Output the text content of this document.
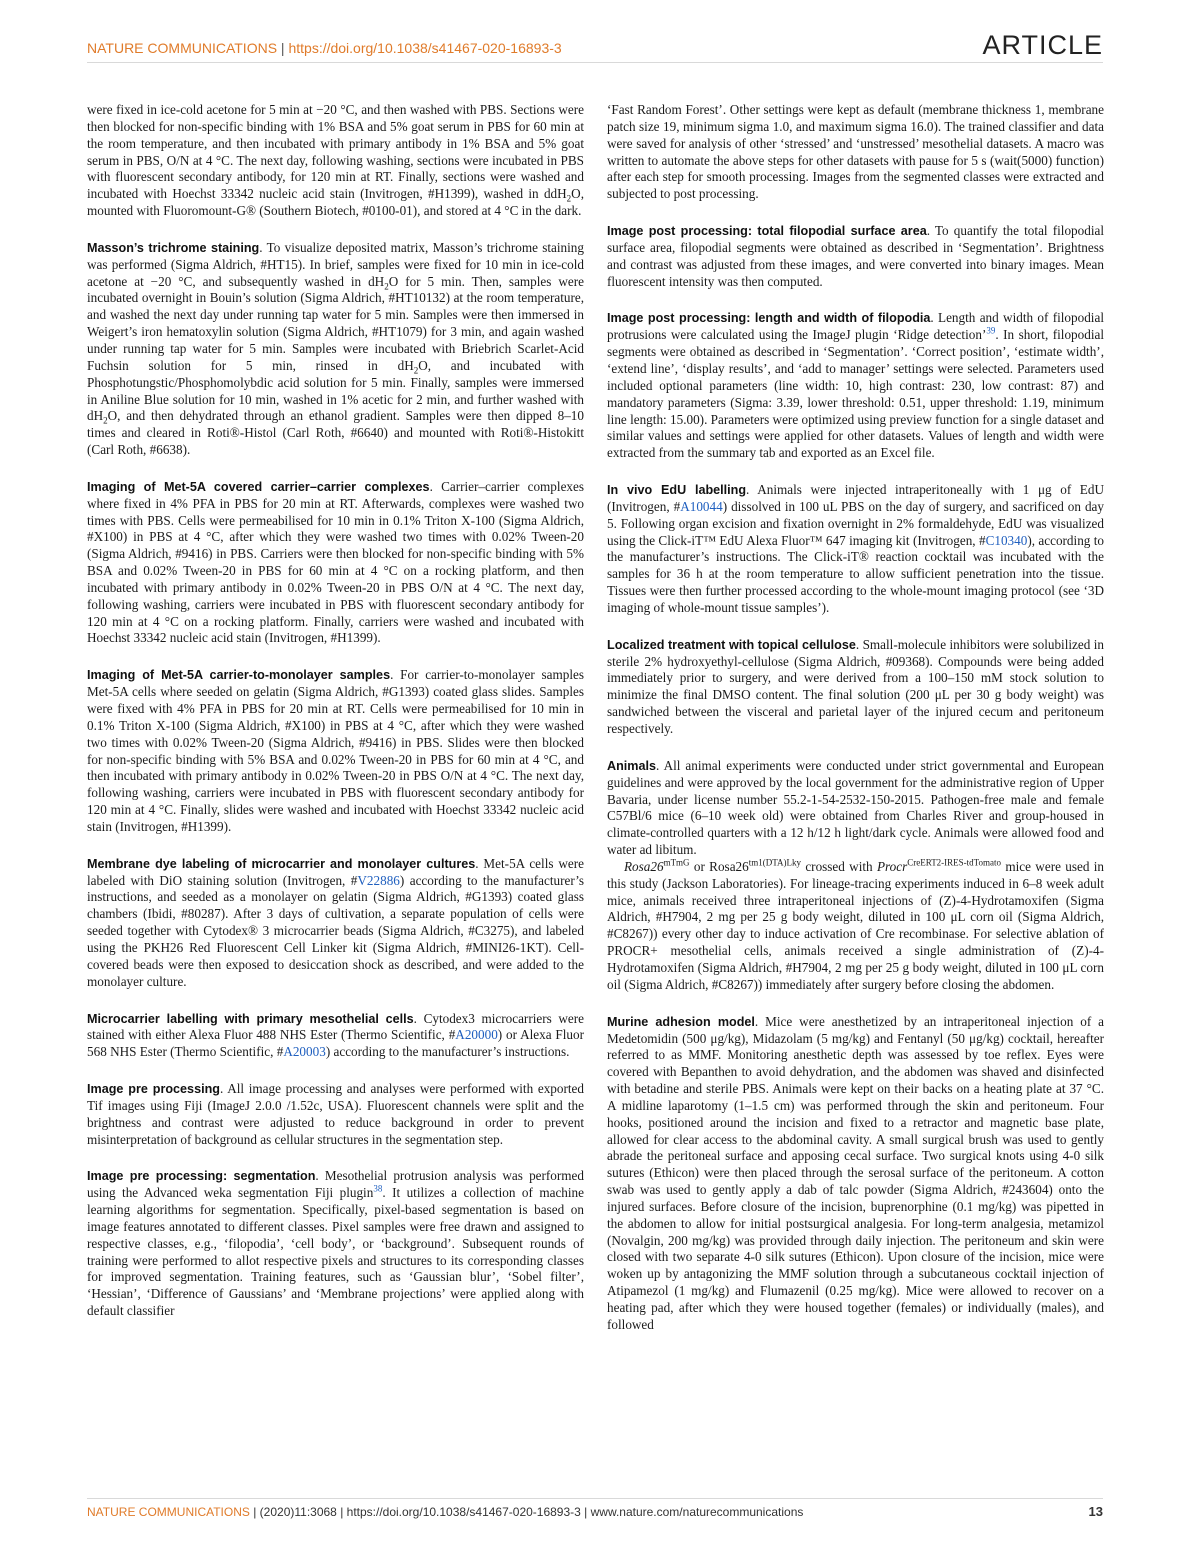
NATURE COMMUNICATIONS | https://doi.org/10.1038/s41467-020-16893-3	ARTICLE

were fixed in ice-cold acetone for 5 min at −20 °C, and then washed with PBS. Sections were then blocked for non-specific binding with 1% BSA and 5% goat serum in PBS for 60 min at the room temperature, and then incubated with primary antibody in 1% BSA and 5% goat serum in PBS, O/N at 4 °C. The next day, following washing, sections were incubated in PBS with fluorescent secondary antibody, for 120 min at RT. Finally, sections were washed and incubated with Hoechst 33342 nucleic acid stain (Invitrogen, #H1399), washed in ddH$_2$O, mounted with Fluoromount-G® (Southern Biotech, #0100-01), and stored at 4 °C in the dark.

Masson’s trichrome staining. To visualize deposited matrix, Masson’s trichrome staining was performed (Sigma Aldrich, #HT15). In brief, samples were fixed for 10 min in ice-cold acetone at −20 °C, and subsequently washed in $dH_2O$ for 5 min. Then, samples were incubated overnight in Bouin’s solution (Sigma Aldrich, #HT10132) at the room temperature, and washed the next day under running tap water for 5 min. Samples were then immersed in Weigert’s iron hematoxylin solution (Sigma Aldrich, #HT1079) for 3 min, and again washed under running tap water for 5 min. Samples were incubated with Briebrich Scarlet-Acid Fuchsin solution for 5 min, rinsed in $dH_2O$, and incubated with Phosphotungstic/Phosphomolybdic acid solution for 5 min. Finally, samples were immersed in Aniline Blue solution for 10 min, washed in 1% acetic for 2 min, and further washed with $dH_2O$, and then dehydrated through an ethanol gradient. Samples were then dipped 8–10 times and cleared in Roti®-Histol (Carl Roth, #6640) and mounted with Roti®-Histokitt (Carl Roth, #6638).

Imaging of Met-5A covered carrier–carrier complexes. Carrier–carrier complexes where fixed in 4% PFA in PBS for 20 min at RT. Afterwards, complexes were washed two times with PBS. Cells were permeabilised for 10 min in 0.1% Triton X-100 (Sigma Aldrich, #X100) in PBS at 4 °C, after which they were washed two times with 0.02% Tween-20 (Sigma Aldrich, #9416) in PBS. Carriers were then blocked for non-specific binding with 5% BSA and 0.02% Tween-20 in PBS for 60 min at 4 °C on a rocking platform, and then incubated with primary antibody in 0.02% Tween-20 in PBS O/N at 4 °C. The next day, following washing, carriers were incubated in PBS with fluorescent secondary antibody for 120 min at 4 °C on a rocking platform. Finally, carriers were washed and incubated with Hoechst 33342 nucleic acid stain (Invitrogen, #H1399).

Imaging of Met-5A carrier-to-monolayer samples. For carrier-to-monolayer samples Met-5A cells where seeded on gelatin (Sigma Aldrich, #G1393) coated glass slides. Samples were fixed with 4% PFA in PBS for 20 min at RT. Cells were permeabilised for 10 min in 0.1% Triton X-100 (Sigma Aldrich, #X100) in PBS at 4 °C, after which they were washed two times with 0.02% Tween-20 (Sigma Aldrich, #9416) in PBS. Slides were then blocked for non-specific binding with 5% BSA and 0.02% Tween-20 in PBS for 60 min at 4 °C, and then incubated with primary antibody in 0.02% Tween-20 in PBS O/N at 4 °C. The next day, following washing, carriers were incubated in PBS with fluorescent secondary antibody for 120 min at 4 °C. Finally, slides were washed and incubated with Hoechst 33342 nucleic acid stain (Invitrogen, #H1399).

Membrane dye labeling of microcarrier and monolayer cultures. Met-5A cells were labeled with DiO staining solution (Invitrogen, #V22886) according to the manufacturer’s instructions, and seeded as a monolayer on gelatin (Sigma Aldrich, #G1393) coated glass chambers (Ibidi, #80287). After 3 days of cultivation, a separate population of cells were seeded together with Cytodex® 3 microcarrier beads (Sigma Aldrich, #C3275), and labeled using the PKH26 Red Fluorescent Cell Linker kit (Sigma Aldrich, #MINI26-1KT). Cell-covered beads were then exposed to desiccation shock as described, and were added to the monolayer culture.

Microcarrier labelling with primary mesothelial cells. Cytodex3 microcarriers were stained with either Alexa Fluor 488 NHS Ester (Thermo Scientific, #A20000) or Alexa Fluor 568 NHS Ester (Thermo Scientific, #A20003) according to the manufacturer’s instructions.

Image pre processing. All image processing and analyses were performed with exported Tif images using Fiji (ImageJ 2.0.0 /1.52c, USA). Fluorescent channels were split and the brightness and contrast were adjusted to reduce background in order to prevent misinterpretation of background as cellular structures in the segmentation step.

Image pre processing: segmentation. Mesothelial protrusion analysis was performed using the Advanced weka segmentation Fiji plugin$^{38}$. It utilizes a collection of machine learning algorithms for segmentation. Specifically, pixel-based segmentation is based on image features annotated to different classes. Pixel samples were free drawn and assigned to respective classes, e.g., ‘filopodia’, ‘cell body’, or ‘background’. Subsequent rounds of training were performed to allot respective pixels and structures to its corresponding classes for improved segmentation. Training features, such as ‘Gaussian blur’, ‘Sobel filter’, ‘Hessian’, ‘Difference of Gaussians’ and ‘Membrane projections’ were applied along with default classifier

‘Fast Random Forest’. Other settings were kept as default (membrane thickness 1, membrane patch size 19, minimum sigma 1.0, and maximum sigma 16.0). The trained classifier and data were saved for analysis of other ‘stressed’ and ‘unstressed’ mesothelial datasets. A macro was written to automate the above steps for other datasets with pause for 5 s (wait(5000) function) after each step for smooth processing. Images from the segmented classes were extracted and subjected to post processing.

Image post processing: total filopodial surface area. To quantify the total filopodial surface area, filopodial segments were obtained as described in ‘Segmentation’. Brightness and contrast was adjusted from these images, and were converted into binary images. Mean fluorescent intensity was then computed.

Image post processing: length and width of filopodia. Length and width of filopodial protrusions were calculated using the ImageJ plugin ‘Ridge detection’$^{39}$. In short, filopodial segments were obtained as described in ‘Segmentation’. ‘Correct position’, ‘estimate width’, ‘extend line’, ‘display results’, and ‘add to manager’ settings were selected. Parameters used included optional parameters (line width: 10, high contrast: 230, low contrast: 87) and mandatory parameters (Sigma: 3.39, lower threshold: 0.51, upper threshold: 1.19, minimum line length: 15.00). Parameters were optimized using preview function for a single dataset and similar values and settings were applied for other datasets. Values of length and width were extracted from the summary tab and exported as an Excel file.

In vivo EdU labelling. Animals were injected intraperitoneally with 1 μg of EdU (Invitrogen, #A10044) dissolved in 100 uL PBS on the day of surgery, and sacrificed on day 5. Following organ excision and fixation overnight in 2% formaldehyde, EdU was visualized using the Click-iT™ EdU Alexa Fluor™ 647 imaging kit (Invitrogen, #C10340), according to the manufacturer’s instructions. The Click-iT® reaction cocktail was incubated with the samples for 36 h at the room temperature to allow sufficient penetration into the tissue. Tissues were then further processed according to the whole-mount imaging protocol (see ‘3D imaging of whole-mount tissue samples’).

Localized treatment with topical cellulose. Small-molecule inhibitors were solubilized in sterile 2% hydroxyethyl-cellulose (Sigma Aldrich, #09368). Compounds were being added immediately prior to surgery, and were derived from a 100–150 mM stock solution to minimize the final DMSO content. The final solution (200 μL per 30 g body weight) was sandwiched between the visceral and parietal layer of the injured cecum and peritoneum respectively.

Animals. All animal experiments were conducted under strict governmental and European guidelines and were approved by the local government for the administrative region of Upper Bavaria, under license number 55.2-1-54-2532-150-2015. Pathogen-free male and female C57Bl/6 mice (6–10 week old) were obtained from Charles River and group-housed in climate-controlled quarters with a 12 h/12 h light/dark cycle. Animals were allowed food and water ad libitum.

$Rosa26^{mTmG}$ or $Rosa26^{tm1(DTA)Lky}$ crossed with Procr$^{CreERT2-IRES-tdTomato}$ mice were used in this study (Jackson Laboratories). For lineage-tracing experiments induced in 6–8 week adult mice, animals received three intraperitoneal injections of (Z)-4-Hydrotamoxifen (Sigma Aldrich, #H7904, 2 mg per 25 g body weight, diluted in 100 μL corn oil (Sigma Aldrich, #C8267)) every other day to induce activation of Cre recombinase. For selective ablation of PROCR+ mesothelial cells, animals received a single administration of (Z)-4-Hydrotamoxifen (Sigma Aldrich, #H7904, 2 mg per 25 g body weight, diluted in 100 μL corn oil (Sigma Aldrich, #C8267)) immediately after surgery before closing the abdomen.

Murine adhesion model. Mice were anesthetized by an intraperitoneal injection of a Medetomidin (500 μg/kg), Midazolam (5 mg/kg) and Fentanyl (50 μg/kg) cocktail, hereafter referred to as MMF. Monitoring anesthetic depth was assessed by toe reflex. Eyes were covered with Bepanthen to avoid dehydration, and the abdomen was shaved and disinfected with betadine and sterile PBS. Animals were kept on their backs on a heating plate at 37 °C. A midline laparotomy (1–1.5 cm) was performed through the skin and peritoneum. Four hooks, positioned around the incision and fixed to a retractor and magnetic base plate, allowed for clear access to the abdominal cavity. A small surgical brush was used to gently abrade the peritoneal surface and apposing cecal surface. Two surgical knots using 4-0 silk sutures (Ethicon) were then placed through the serosal surface of the peritoneum. A cotton swab was used to gently apply a dab of talc powder (Sigma Aldrich, #243604) onto the injured surfaces. Before closure of the incision, buprenorphine (0.1 mg/kg) was pipetted in the abdomen to allow for initial postsurgical analgesia. For long-term analgesia, metamizol (Novalgin, 200 mg/kg) was provided through daily injection. The peritoneum and skin were closed with two separate 4-0 silk sutures (Ethicon). Upon closure of the incision, mice were woken up by antagonizing the MMF solution through a subcutaneous cocktail injection of Atipamezol (1 mg/kg) and Flumazenil (0.25 mg/kg). Mice were allowed to recover on a heating pad, after which they were housed together (females) or individually (males), and followed

NATURE COMMUNICATIONS | (2020)11:3068 | https://doi.org/10.1038/s41467-020-16893-3 | www.nature.com/naturecommunications	13
